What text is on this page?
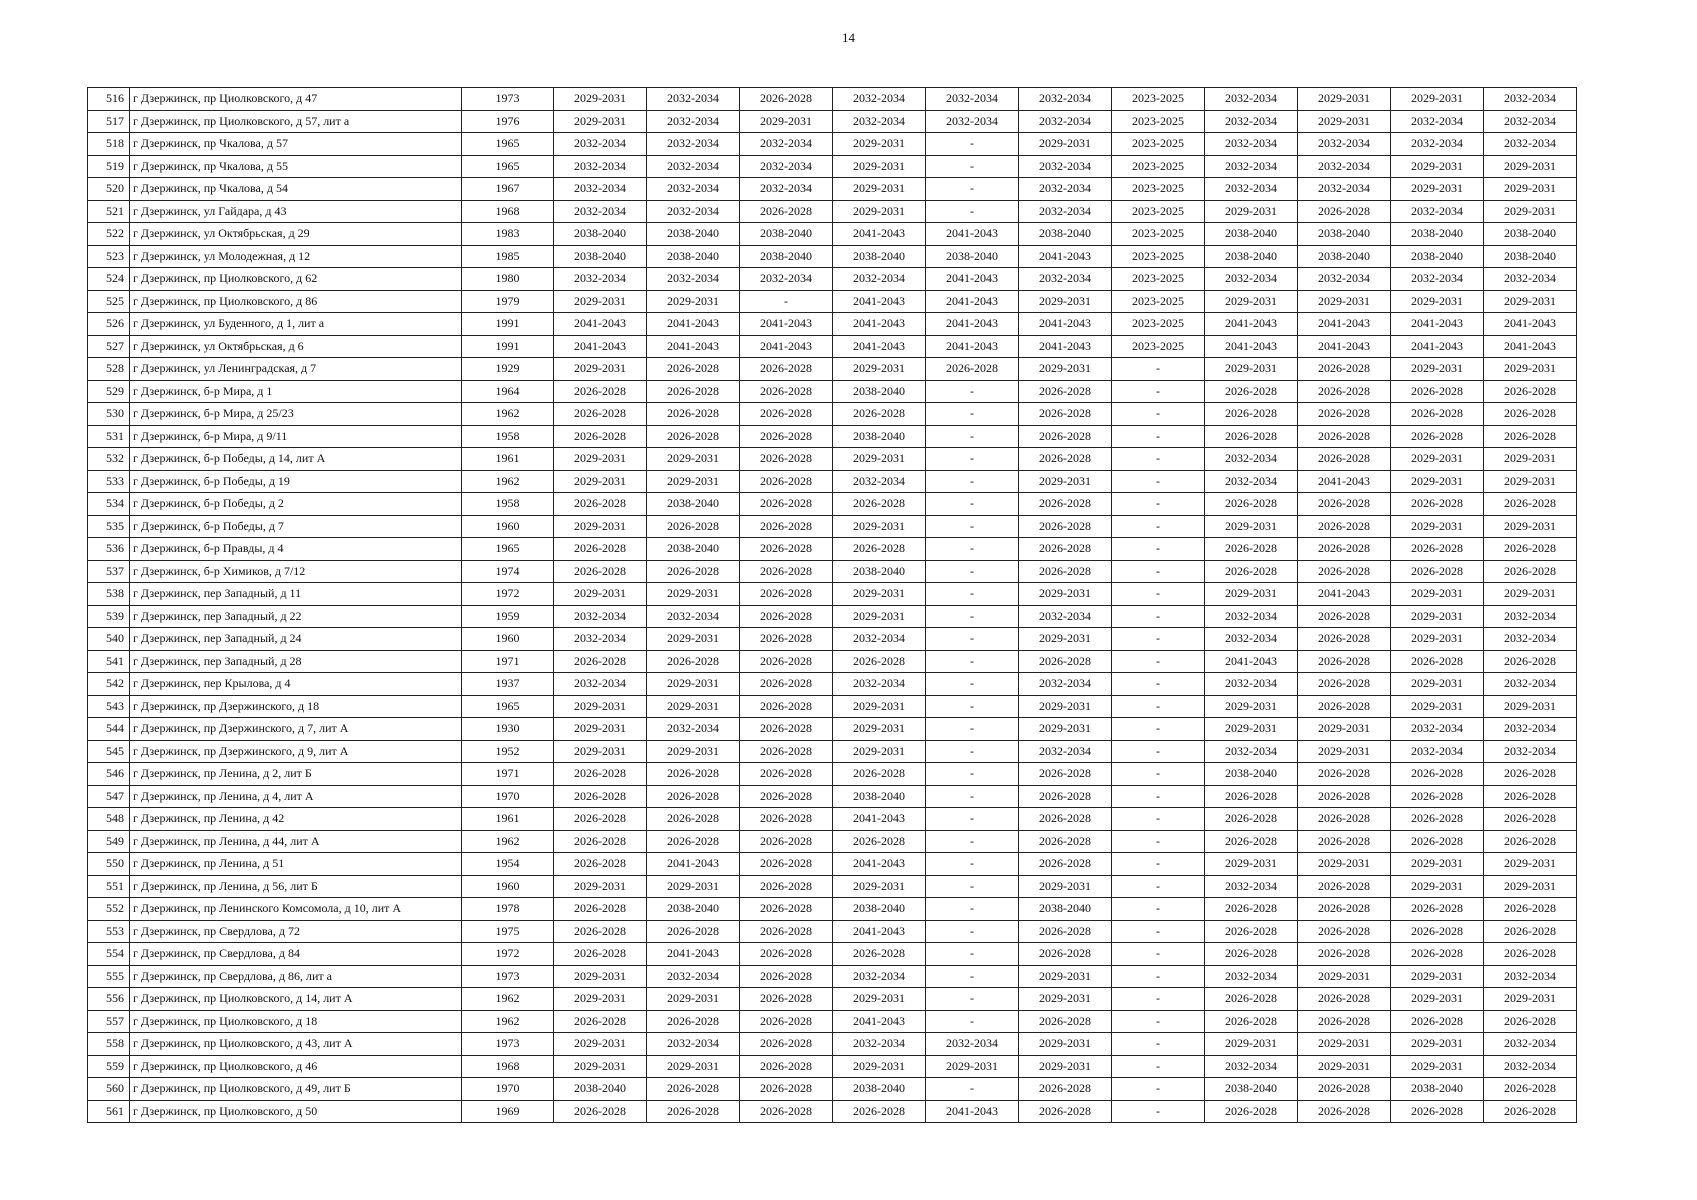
14
516	г Дзержинск, пр Циолковского, д 47	1973	2029-2031	2032-2034	2026-2028	2032-2034	2032-2034	2032-2034	2023-2025	2032-2034	2029-2031	2029-2031	2032-2034
517	г Дзержинск, пр Циолковского, д 57, лит а	1976	2029-2031	2032-2034	2029-2031	2032-2034	2032-2034	2032-2034	2023-2025	2032-2034	2029-2031	2032-2034	2032-2034
518	г Дзержинск, пр Чкалова, д 57	1965	2032-2034	2032-2034	2032-2034	2029-2031	-	2029-2031	2023-2025	2032-2034	2032-2034	2032-2034	2032-2034
519	г Дзержинск, пр Чкалова, д 55	1965	2032-2034	2032-2034	2032-2034	2029-2031	-	2032-2034	2023-2025	2032-2034	2032-2034	2029-2031	2029-2031
520	г Дзержинск, пр Чкалова, д 54	1967	2032-2034	2032-2034	2032-2034	2029-2031	-	2032-2034	2023-2025	2032-2034	2032-2034	2029-2031	2029-2031
521	г Дзержинск, ул Гайдара, д 43	1968	2032-2034	2032-2034	2026-2028	2029-2031	-	2032-2034	2023-2025	2029-2031	2026-2028	2032-2034	2029-2031
522	г Дзержинск, ул Октябрьская, д 29	1983	2038-2040	2038-2040	2038-2040	2041-2043	2041-2043	2038-2040	2023-2025	2038-2040	2038-2040	2038-2040	2038-2040
523	г Дзержинск, ул Молодежная, д 12	1985	2038-2040	2038-2040	2038-2040	2038-2040	2038-2040	2041-2043	2023-2025	2038-2040	2038-2040	2038-2040	2038-2040
524	г Дзержинск, пр Циолковского, д 62	1980	2032-2034	2032-2034	2032-2034	2032-2034	2041-2043	2032-2034	2023-2025	2032-2034	2032-2034	2032-2034	2032-2034
525	г Дзержинск, пр Циолковского, д 86	1979	2029-2031	2029-2031	-	2041-2043	2041-2043	2029-2031	2023-2025	2029-2031	2029-2031	2029-2031	2029-2031
526	г Дзержинск, ул Буденного, д 1, лит а	1991	2041-2043	2041-2043	2041-2043	2041-2043	2041-2043	2041-2043	2023-2025	2041-2043	2041-2043	2041-2043	2041-2043
527	г Дзержинск, ул Октябрьская, д 6	1991	2041-2043	2041-2043	2041-2043	2041-2043	2041-2043	2041-2043	2023-2025	2041-2043	2041-2043	2041-2043	2041-2043
528	г Дзержинск, ул Ленинградская, д 7	1929	2029-2031	2026-2028	2026-2028	2029-2031	2026-2028	2029-2031	-	2029-2031	2026-2028	2029-2031	2029-2031
529	г Дзержинск, б-р Мира, д 1	1964	2026-2028	2026-2028	2026-2028	2038-2040	-	2026-2028	-	2026-2028	2026-2028	2026-2028	2026-2028
530	г Дзержинск, б-р Мира, д 25/23	1962	2026-2028	2026-2028	2026-2028	2026-2028	-	2026-2028	-	2026-2028	2026-2028	2026-2028	2026-2028
531	г Дзержинск, б-р Мира, д 9/11	1958	2026-2028	2026-2028	2026-2028	2038-2040	-	2026-2028	-	2026-2028	2026-2028	2026-2028	2026-2028
532	г Дзержинск, б-р Победы, д 14, лит А	1961	2029-2031	2029-2031	2026-2028	2029-2031	-	2026-2028	-	2032-2034	2026-2028	2029-2031	2029-2031
533	г Дзержинск, б-р Победы, д 19	1962	2029-2031	2029-2031	2026-2028	2032-2034	-	2029-2031	-	2032-2034	2041-2043	2029-2031	2029-2031
534	г Дзержинск, б-р Победы, д 2	1958	2026-2028	2038-2040	2026-2028	2026-2028	-	2026-2028	-	2026-2028	2026-2028	2026-2028	2026-2028
535	г Дзержинск, б-р Победы, д 7	1960	2029-2031	2026-2028	2026-2028	2029-2031	-	2026-2028	-	2029-2031	2026-2028	2029-2031	2029-2031
536	г Дзержинск, б-р Правды, д 4	1965	2026-2028	2038-2040	2026-2028	2026-2028	-	2026-2028	-	2026-2028	2026-2028	2026-2028	2026-2028
537	г Дзержинск, б-р Химиков, д 7/12	1974	2026-2028	2026-2028	2026-2028	2038-2040	-	2026-2028	-	2026-2028	2026-2028	2026-2028	2026-2028
538	г Дзержинск, пер Западный, д 11	1972	2029-2031	2029-2031	2026-2028	2029-2031	-	2029-2031	-	2029-2031	2041-2043	2029-2031	2029-2031
539	г Дзержинск, пер Западный, д 22	1959	2032-2034	2032-2034	2026-2028	2029-2031	-	2032-2034	-	2032-2034	2026-2028	2029-2031	2032-2034
540	г Дзержинск, пер Западный, д 24	1960	2032-2034	2029-2031	2026-2028	2032-2034	-	2029-2031	-	2032-2034	2026-2028	2029-2031	2032-2034
541	г Дзержинск, пер Западный, д 28	1971	2026-2028	2026-2028	2026-2028	2026-2028	-	2026-2028	-	2041-2043	2026-2028	2026-2028	2026-2028
542	г Дзержинск, пер Крылова, д 4	1937	2032-2034	2029-2031	2026-2028	2032-2034	-	2032-2034	-	2032-2034	2026-2028	2029-2031	2032-2034
543	г Дзержинск, пр Дзержинского, д 18	1965	2029-2031	2029-2031	2026-2028	2029-2031	-	2029-2031	-	2029-2031	2026-2028	2029-2031	2029-2031
544	г Дзержинск, пр Дзержинского, д 7, лит А	1930	2029-2031	2032-2034	2026-2028	2029-2031	-	2029-2031	-	2029-2031	2029-2031	2032-2034	2032-2034
545	г Дзержинск, пр Дзержинского, д 9, лит А	1952	2029-2031	2029-2031	2026-2028	2029-2031	-	2032-2034	-	2032-2034	2029-2031	2032-2034	2032-2034
546	г Дзержинск, пр Ленина, д 2, лит Б	1971	2026-2028	2026-2028	2026-2028	2026-2028	-	2026-2028	-	2038-2040	2026-2028	2026-2028	2026-2028
547	г Дзержинск, пр Ленина, д 4, лит А	1970	2026-2028	2026-2028	2026-2028	2038-2040	-	2026-2028	-	2026-2028	2026-2028	2026-2028	2026-2028
548	г Дзержинск, пр Ленина, д 42	1961	2026-2028	2026-2028	2026-2028	2041-2043	-	2026-2028	-	2026-2028	2026-2028	2026-2028	2026-2028
549	г Дзержинск, пр Ленина, д 44, лит А	1962	2026-2028	2026-2028	2026-2028	2026-2028	-	2026-2028	-	2026-2028	2026-2028	2026-2028	2026-2028
550	г Дзержинск, пр Ленина, д 51	1954	2026-2028	2041-2043	2026-2028	2041-2043	-	2026-2028	-	2029-2031	2029-2031	2029-2031	2029-2031
551	г Дзержинск, пр Ленина, д 56, лит Б	1960	2029-2031	2029-2031	2026-2028	2029-2031	-	2029-2031	-	2032-2034	2026-2028	2029-2031	2029-2031
552	г Дзержинск, пр Ленинского Комсомола, д 10, лит А	1978	2026-2028	2038-2040	2026-2028	2038-2040	-	2038-2040	-	2026-2028	2026-2028	2026-2028	2026-2028
553	г Дзержинск, пр Свердлова, д 72	1975	2026-2028	2026-2028	2026-2028	2041-2043	-	2026-2028	-	2026-2028	2026-2028	2026-2028	2026-2028
554	г Дзержинск, пр Свердлова, д 84	1972	2026-2028	2041-2043	2026-2028	2026-2028	-	2026-2028	-	2026-2028	2026-2028	2026-2028	2026-2028
555	г Дзержинск, пр Свердлова, д 86, лит а	1973	2029-2031	2032-2034	2026-2028	2032-2034	-	2029-2031	-	2032-2034	2029-2031	2029-2031	2032-2034
556	г Дзержинск, пр Циолковского, д 14, лит А	1962	2029-2031	2029-2031	2026-2028	2029-2031	-	2029-2031	-	2026-2028	2026-2028	2029-2031	2029-2031
557	г Дзержинск, пр Циолковского, д 18	1962	2026-2028	2026-2028	2026-2028	2041-2043	-	2026-2028	-	2026-2028	2026-2028	2026-2028	2026-2028
558	г Дзержинск, пр Циолковского, д 43, лит А	1973	2029-2031	2032-2034	2026-2028	2032-2034	2032-2034	2029-2031	-	2029-2031	2029-2031	2029-2031	2032-2034
559	г Дзержинск, пр Циолковского, д 46	1968	2029-2031	2029-2031	2026-2028	2029-2031	2029-2031	2029-2031	-	2032-2034	2029-2031	2029-2031	2032-2034
560	г Дзержинск, пр Циолковского, д 49, лит Б	1970	2038-2040	2026-2028	2026-2028	2038-2040	-	2026-2028	-	2038-2040	2026-2028	2038-2040	2026-2028
561	г Дзержинск, пр Циолковского, д 50	1969	2026-2028	2026-2028	2026-2028	2026-2028	2041-2043	2026-2028	-	2026-2028	2026-2028	2026-2028	2026-2028
